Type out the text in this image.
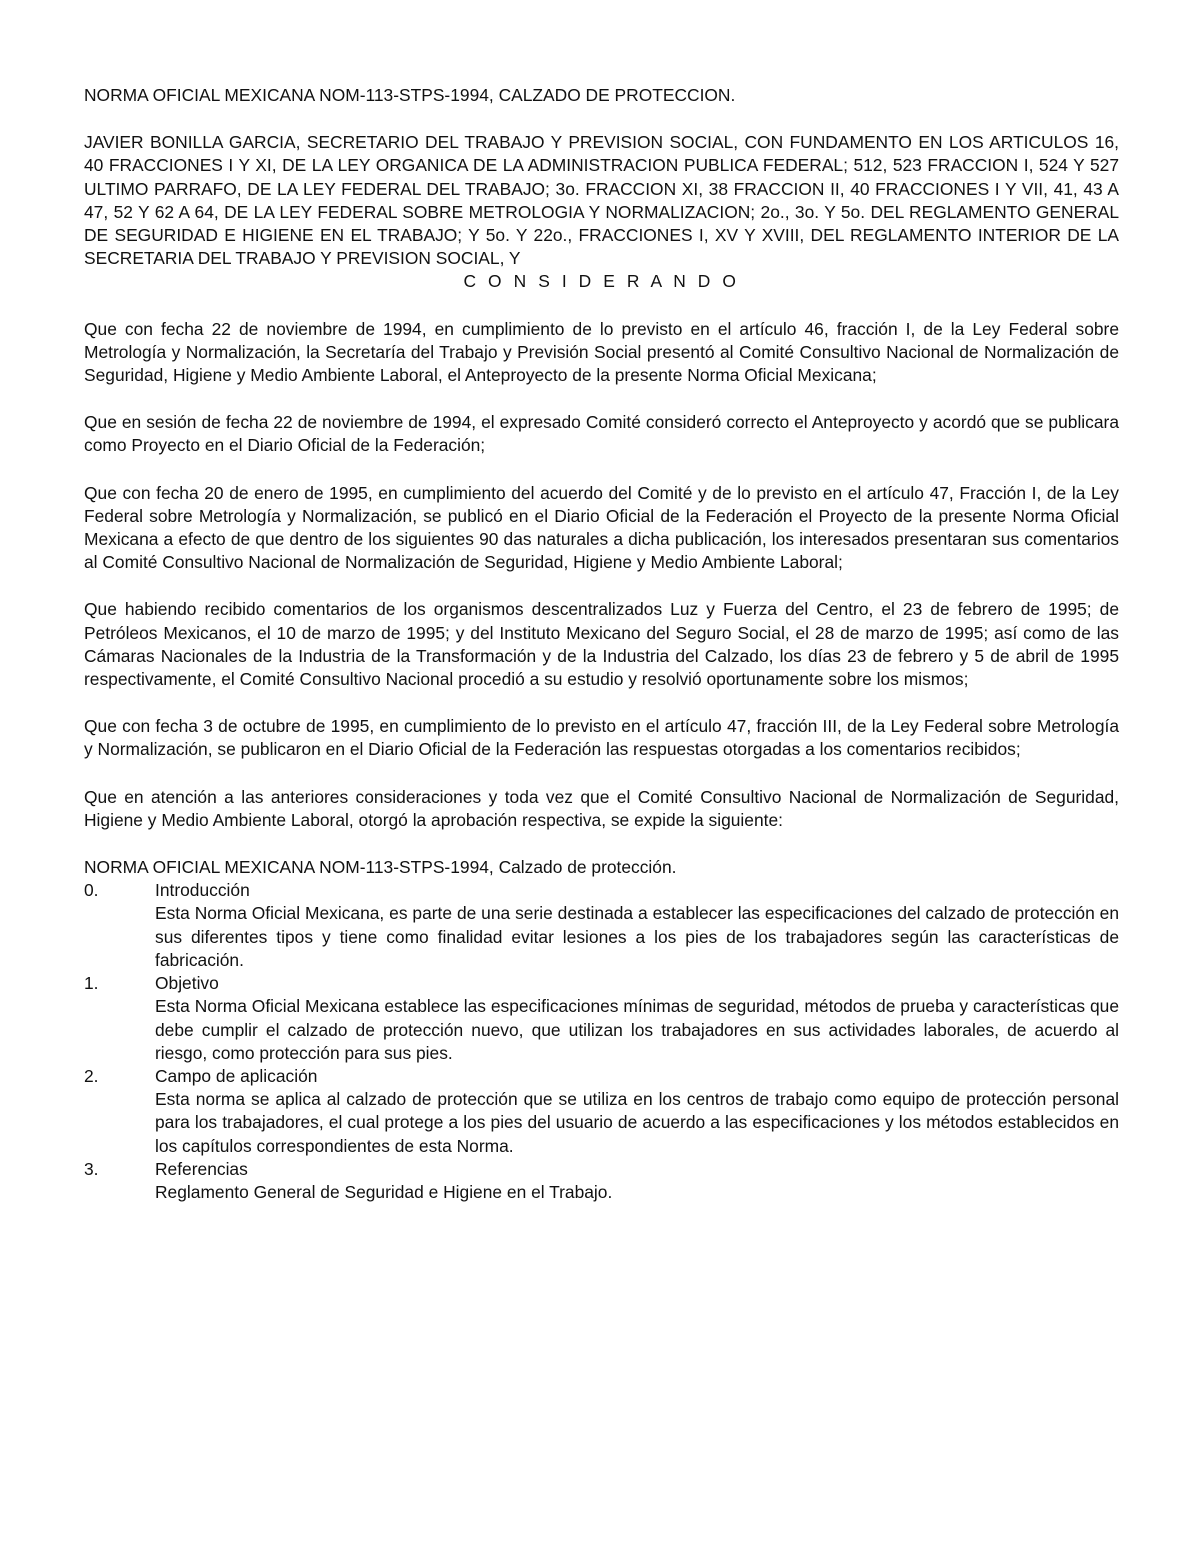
NORMA OFICIAL MEXICANA NOM-113-STPS-1994, CALZADO DE PROTECCION.

JAVIER BONILLA GARCIA, SECRETARIO DEL TRABAJO Y PREVISION SOCIAL, CON FUNDAMENTO EN LOS ARTICULOS 16, 40 FRACCIONES I Y XI, DE LA LEY ORGANICA DE LA ADMINISTRACION PUBLICA FEDERAL; 512, 523 FRACCION I, 524 Y 527 ULTIMO PARRAFO, DE LA LEY FEDERAL DEL TRABAJO; 3o. FRACCION XI, 38 FRACCION II, 40 FRACCIONES I Y VII, 41, 43 A 47, 52 Y 62 A 64, DE LA LEY FEDERAL SOBRE METROLOGIA Y NORMALIZACION; 2o., 3o. Y 5o. DEL REGLAMENTO GENERAL DE SEGURIDAD E HIGIENE EN EL TRABAJO; Y 5o. Y 22o., FRACCIONES I, XV Y XVIII, DEL REGLAMENTO INTERIOR DE LA SECRETARIA DEL TRABAJO Y PREVISION SOCIAL, Y

C O N S I D E R A N D O

Que con fecha 22 de noviembre de 1994, en cumplimiento de lo previsto en el artículo 46, fracción I, de la Ley Federal sobre Metrología y Normalización, la Secretaría del Trabajo y Previsión Social presentó al Comité Consultivo Nacional de Normalización de Seguridad, Higiene y Medio Ambiente Laboral, el Anteproyecto de la presente Norma Oficial Mexicana;

Que en sesión de fecha 22 de noviembre de 1994, el expresado Comité consideró correcto el Anteproyecto y acordó que se publicara como Proyecto en el Diario Oficial de la Federación;

Que con fecha 20 de enero de 1995, en cumplimiento del acuerdo del Comité y de lo previsto en el artículo 47, Fracción I, de la Ley Federal sobre Metrología y Normalización, se publicó en el Diario Oficial de la Federación el Proyecto de la presente Norma Oficial Mexicana a efecto de que dentro de los siguientes 90 das naturales a dicha publicación, los interesados presentaran sus comentarios al Comité Consultivo Nacional de Normalización de Seguridad, Higiene y Medio Ambiente Laboral;

Que habiendo recibido comentarios de los organismos descentralizados Luz y Fuerza del Centro, el 23 de febrero de 1995; de Petróleos Mexicanos, el 10 de marzo de 1995; y del Instituto Mexicano del Seguro Social, el 28 de marzo de 1995; así como de las Cámaras Nacionales de la Industria de la Transformación y de la Industria del Calzado, los días 23 de febrero y 5 de abril de 1995 respectivamente, el Comité Consultivo Nacional procedió a su estudio y resolvió oportunamente sobre los mismos;

Que con fecha 3 de octubre de 1995, en cumplimiento de lo previsto en el artículo 47, fracción III, de la Ley Federal sobre Metrología y Normalización, se publicaron en el Diario Oficial de la Federación las respuestas otorgadas a los comentarios recibidos;

Que en atención a las anteriores consideraciones y toda vez que el Comité Consultivo Nacional de Normalización de Seguridad, Higiene y Medio Ambiente Laboral, otorgó la aprobación respectiva, se expide la siguiente:

NORMA OFICIAL MEXICANA NOM-113-STPS-1994, Calzado de protección.

0.	Introducción
Esta Norma Oficial Mexicana, es parte de una serie destinada a establecer las especificaciones del calzado de protección en sus diferentes tipos y tiene como finalidad evitar lesiones a los pies de los trabajadores según las características de fabricación.
1.	Objetivo
Esta Norma Oficial Mexicana establece las especificaciones mínimas de seguridad, métodos de prueba y características que debe cumplir el calzado de protección nuevo, que utilizan los trabajadores en sus actividades laborales, de acuerdo al riesgo, como protección para sus pies.
2.	Campo de aplicación
Esta norma se aplica al calzado de protección que se utiliza en los centros de trabajo como equipo de protección personal para los trabajadores, el cual protege a los pies del usuario de acuerdo a las especificaciones y los métodos establecidos en los capítulos correspondientes de esta Norma.
3.	Referencias
Reglamento General de Seguridad e Higiene en el Trabajo.
